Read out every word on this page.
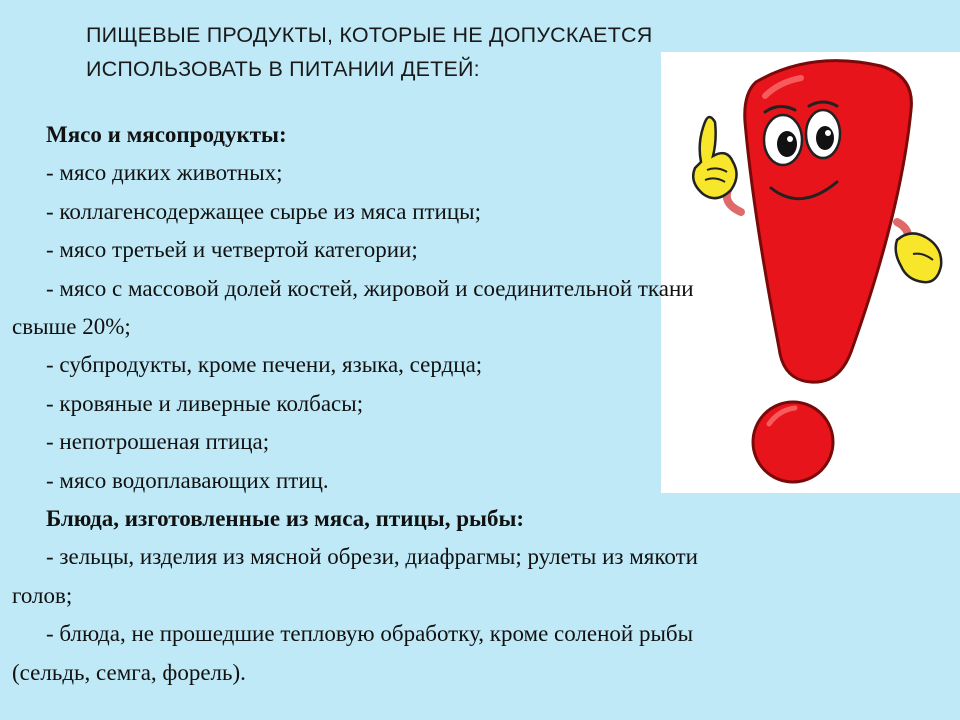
ПИЩЕВЫЕ ПРОДУКТЫ, КОТОРЫЕ НЕ ДОПУСКАЕТСЯ
ИСПОЛЬЗОВАТЬ В ПИТАНИИ ДЕТЕЙ:
Мясо и мясопродукты:
- мясо диких животных;
- коллагенсодержащее сырье из мяса птицы;
- мясо третьей и четвертой категории;
- мясо с массовой долей костей, жировой и соединительной ткани
свыше 20%;
- субпродукты, кроме печени, языка, сердца;
- кровяные и ливерные колбасы;
- непотрошеная птица;
- мясо водоплавающих птиц.
Блюда, изготовленные из мяса, птицы, рыбы:
- зельцы, изделия из мясной обрези, диафрагмы; рулеты из мякоти
голов;
- блюда, не прошедшие тепловую обработку, кроме соленой рыбы
(сельдь, семга, форель).
